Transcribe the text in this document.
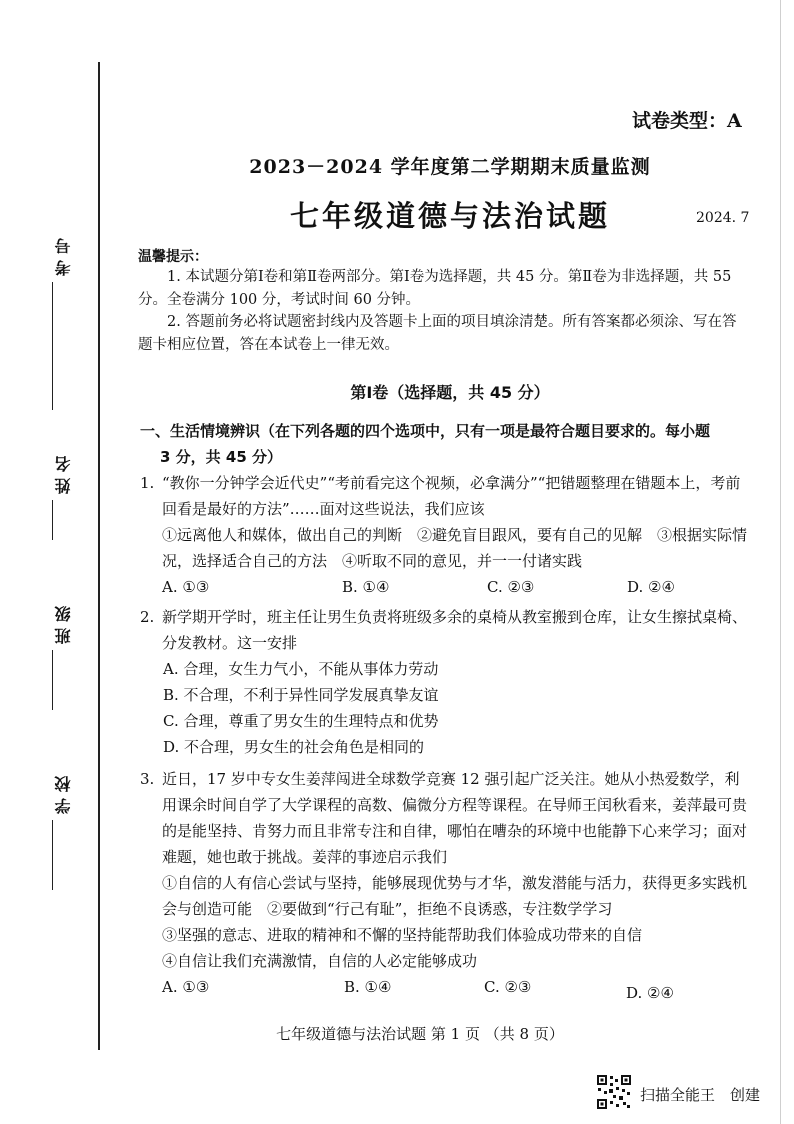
考号
姓名
班级
学校
试卷类型：A
2023－2024 学年度第二学期期末质量监测
七年级道德与法治试题	2024. 7
温馨提示：

1. 本试题分第Ⅰ卷和第Ⅱ卷两部分。第Ⅰ卷为选择题，共 45 分。第Ⅱ卷为非选择题，共 55 分。全卷满分 100 分，考试时间 60 分钟。

2. 答题前务必将试题密封线内及答题卡上面的项目填涂清楚。所有答案都必须涂、写在答题卡相应位置，答在本试卷上一律无效。

第Ⅰ卷（选择题，共 45 分）
一、生活情境辨识（在下列各题的四个选项中，只有一项是最符合题目要求的。每小题
3 分，共 45 分）
1. “教你一分钟学会近代史”“考前看完这个视频，必拿满分”“把错题整理在错题本上，考前回看是最好的方法”……面对这些说法，我们应该

①远离他人和媒体，做出自己的判断　②避免盲目跟风，要有自己的见解　③根据实际情况，选择适合自己的方法　④听取不同的意见，并一一付诸实践

A. ①③	B. ①④	C. ②③	D. ②④
2. 新学期开学时，班主任让男生负责将班级多余的桌椅从教室搬到仓库，让女生擦拭桌椅、分发教材。这一安排

A. 合理，女生力气小，不能从事体力劳动

B. 不合理，不利于异性同学发展真挚友谊

C. 合理，尊重了男女生的生理特点和优势

D. 不合理，男女生的社会角色是相同的

3. 近日，17 岁中专女生姜萍闯进全球数学竞赛 12 强引起广泛关注。她从小热爱数学，利用课余时间自学了大学课程的高数、偏微分方程等课程。在导师王闰秋看来，姜萍最可贵的是能坚持、肯努力而且非常专注和自律，哪怕在嘈杂的环境中也能静下心来学习；面对难题，她也敢于挑战。姜萍的事迹启示我们

①自信的人有信心尝试与坚持，能够展现优势与才华，激发潜能与活力，获得更多实践机会与创造可能　②要做到“行己有耻”，拒绝不良诱惑，专注数学学习

③坚强的意志、进取的精神和不懈的坚持能帮助我们体验成功带来的自信

④自信让我们充满激情，自信的人必定能够成功

A. ①③	B. ①④	C. ②③	D. ②④
七年级道德与法治试题 第 1 页 （共 8 页）
扫描全能王　创建
